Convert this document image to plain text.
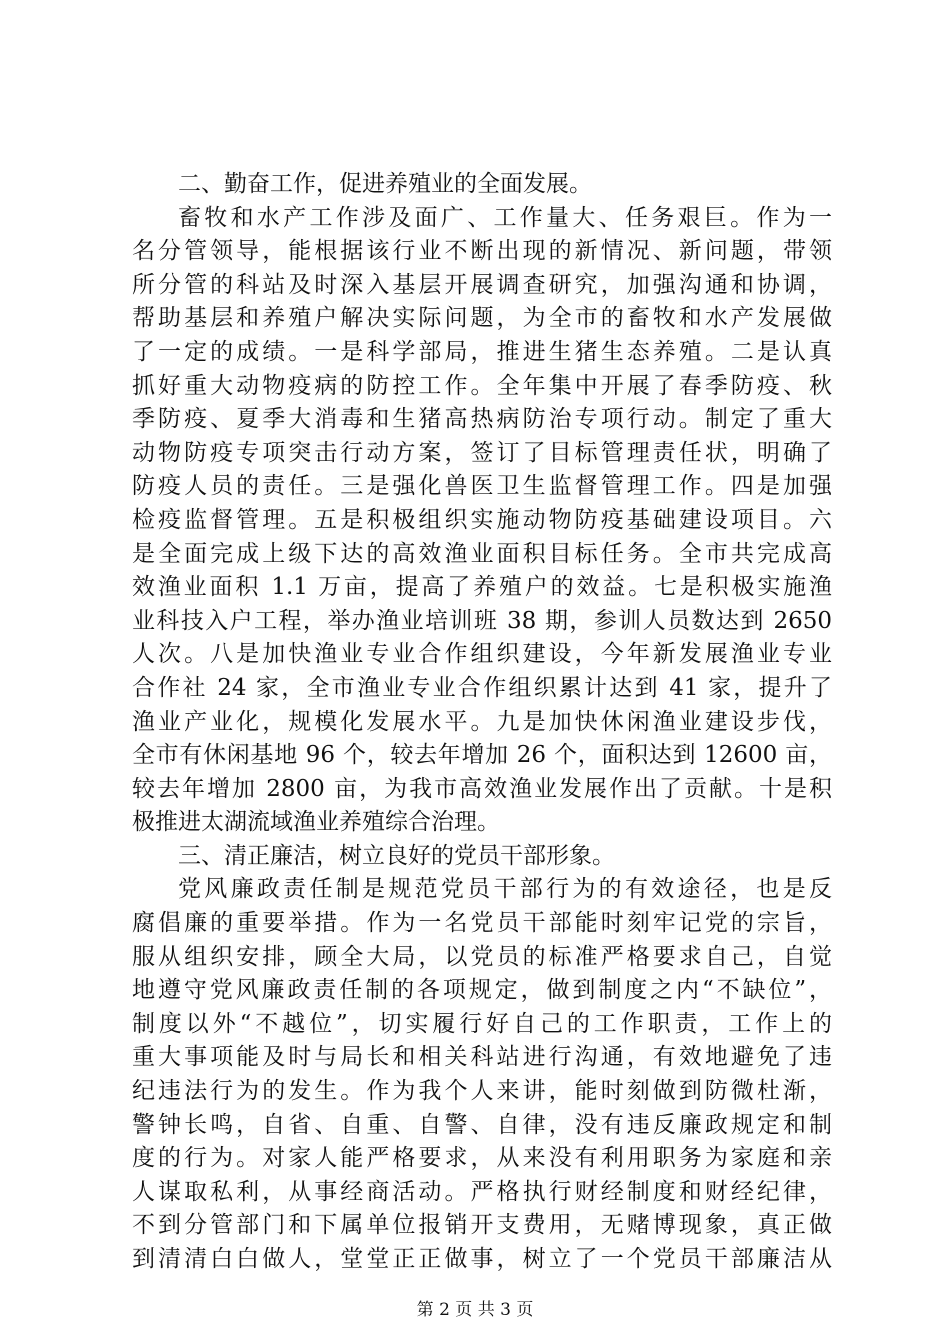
二、勤奋工作，促进养殖业的全面发展。
畜牧和水产工作涉及面广、工作量大、任务艰巨。作为一
名分管领导，能根据该行业不断出现的新情况、新问题，带领
所分管的科站及时深入基层开展调查研究，加强沟通和协调，
帮助基层和养殖户解决实际问题，为全市的畜牧和水产发展做
了一定的成绩。一是科学部局，推进生猪生态养殖。二是认真
抓好重大动物疫病的防控工作。全年集中开展了春季防疫、秋
季防疫、夏季大消毒和生猪高热病防治专项行动。制定了重大
动物防疫专项突击行动方案，签订了目标管理责任状，明确了
防疫人员的责任。三是强化兽医卫生监督管理工作。四是加强
检疫监督管理。五是积极组织实施动物防疫基础建设项目。六
是全面完成上级下达的高效渔业面积目标任务。全市共完成高
效渔业面积 1.1 万亩，提高了养殖户的效益。七是积极实施渔
业科技入户工程，举办渔业培训班 38 期，参训人员数达到 2650
人次。八是加快渔业专业合作组织建设，今年新发展渔业专业
合作社 24 家，全市渔业专业合作组织累计达到 41 家，提升了
渔业产业化，规模化发展水平。九是加快休闲渔业建设步伐，
全市有休闲基地 96 个，较去年增加 26 个，面积达到 12600 亩，
较去年增加 2800 亩，为我市高效渔业发展作出了贡献。十是积
极推进太湖流域渔业养殖综合治理。
三、清正廉洁，树立良好的党员干部形象。
党风廉政责任制是规范党员干部行为的有效途径，也是反
腐倡廉的重要举措。作为一名党员干部能时刻牢记党的宗旨，
服从组织安排，顾全大局，以党员的标准严格要求自己，自觉
地遵守党风廉政责任制的各项规定，做到制度之内“不缺位”，
制度以外“不越位”，切实履行好自己的工作职责，工作上的
重大事项能及时与局长和相关科站进行沟通，有效地避免了违
纪违法行为的发生。作为我个人来讲，能时刻做到防微杜渐，
警钟长鸣，自省、自重、自警、自律，没有违反廉政规定和制
度的行为。对家人能严格要求，从来没有利用职务为家庭和亲
人谋取私利，从事经商活动。严格执行财经制度和财经纪律，
不到分管部门和下属单位报销开支费用，无赌博现象，真正做
到清清白白做人，堂堂正正做事，树立了一个党员干部廉洁从
第 2 页 共 3 页
